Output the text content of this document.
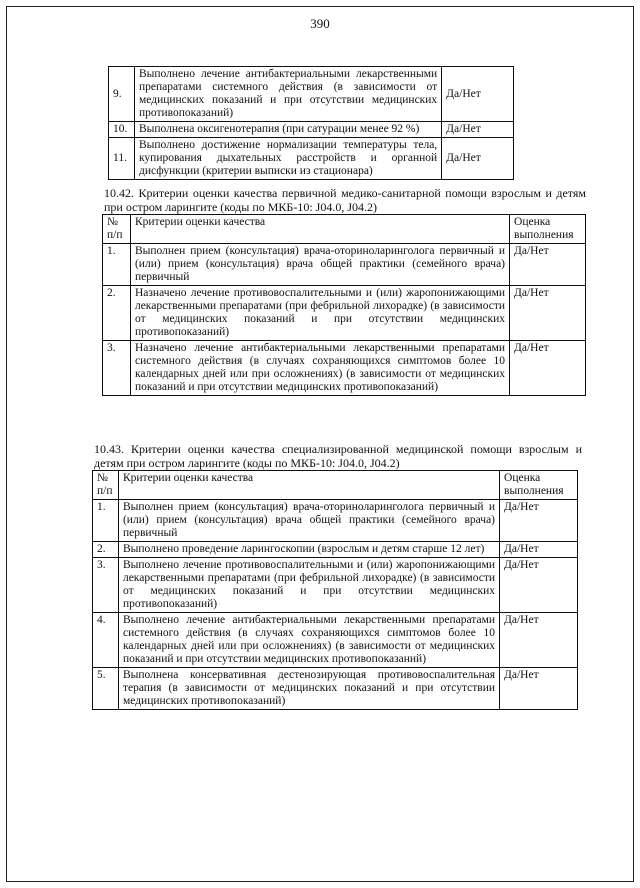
390
9.	Выполнено лечение антибактериальными лекарственными препаратами системного действия (в зависимости от медицинских показаний и при отсутствии медицинских противопоказаний)	Да/Нет
10.	Выполнена оксигенотерапия (при сатурации менее 92 %)	Да/Нет
11.	Выполнено достижение нормализации температуры тела, купирования дыхательных расстройств и органной дисфункции (критерии выписки из стационара)	Да/Нет
10.42. Критерии оценки качества первичной медико-санитарной помощи взрослым и детям при остром ларингите (коды по МКБ-10: J04.0, J04.2)
№ п/п	Критерии оценки качества	Оценка выполнения
1.	Выполнен прием (консультация) врача-оториноларинголога первичный и (или) прием (консультация) врача общей практики (семейного врача) первичный	Да/Нет
2.	Назначено лечение противовоспалительными и (или) жаропонижающими лекарственными препаратами (при фебрильной лихорадке) (в зависимости от медицинских показаний и при отсутствии медицинских противопоказаний)	Да/Нет
3.	Назначено лечение антибактериальными лекарственными препаратами системного действия (в случаях сохраняющихся симптомов более 10 календарных дней или при осложнениях) (в зависимости от медицинских показаний и при отсутствии медицинских противопоказаний)	Да/Нет
10.43. Критерии оценки качества специализированной медицинской помощи взрослым и детям при остром ларингите (коды по МКБ-10: J04.0, J04.2)
№ п/п	Критерии оценки качества	Оценка выполнения
1.	Выполнен прием (консультация) врача-оториноларинголога первичный и (или) прием (консультация) врача общей практики (семейного врача) первичный	Да/Нет
2.	Выполнено проведение ларингоскопии (взрослым и детям старше 12 лет)	Да/Нет
3.	Выполнено лечение противовоспалительными и (или) жаропонижающими лекарственными препаратами (при фебрильной лихорадке) (в зависимости от медицинских показаний и при отсутствии медицинских противопоказаний)	Да/Нет
4.	Выполнено лечение антибактериальными лекарственными препаратами системного действия (в случаях сохраняющихся симптомов более 10 календарных дней или при осложнениях) (в зависимости от медицинских показаний и при отсутствии медицинских противопоказаний)	Да/Нет
5.	Выполнена консервативная дестенозирующая противовоспалительная терапия (в зависимости от медицинских показаний и при отсутствии медицинских противопоказаний)	Да/Нет
